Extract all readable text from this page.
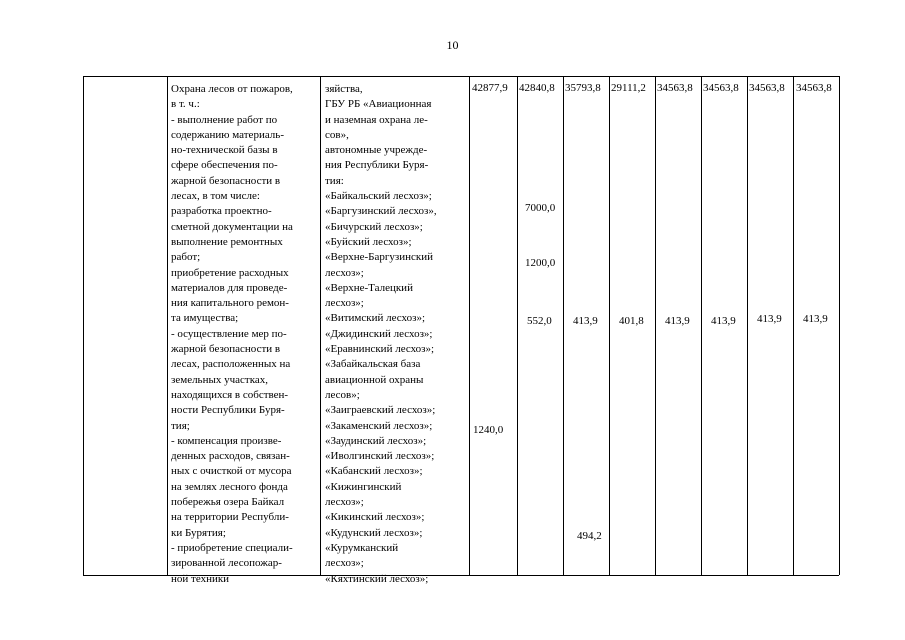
10
Охрана лесов от пожаров,
в т. ч.:
- выполнение работ по
содержанию материаль-
но-технической базы в
сфере обеспечения по-
жарной безопасности в
лесах, в том числе:
разработка проектно-
сметной документации на
выполнение ремонтных
работ;
приобретение расходных
материалов для проведе-
ния капитального ремон-
та имущества;
- осуществление мер по-
жарной безопасности в
лесах, расположенных на
земельных участках,
находящихся в собствен-
ности Республики Буря-
тия;
- компенсация произве-
денных расходов, связан-
ных с очисткой от мусора
на землях лесного фонда
побережья озера Байкал
на территории Республи-
ки Бурятия;
- приобретение специали-
зированной лесопожар-
ной техники
зяйства,
ГБУ РБ «Авиационная
и наземная охрана ле-
сов»,
автономные учрежде-
ния Республики Буря-
тия:
«Байкальский лесхоз»;
«Баргузинский лесхоз»,
«Бичурский лесхоз»;
«Буйский лесхоз»;
«Верхне-Баргузинский
лесхоз»;
«Верхне-Талецкий
лесхоз»;
«Витимский лесхоз»;
«Джидинский лесхоз»;
«Еравнинский лесхоз»;
«Забайкальская база
авиационной охраны
лесов»;
«Заиграевский лесхоз»;
«Закаменский лесхоз»;
«Заудинский лесхоз»;
«Иволгинский лесхоз»;
«Кабанский лесхоз»;
«Кижингинский
лесхоз»;
«Кикинский лесхоз»;
«Кудунский лесхоз»;
«Курумканский
лесхоз»;
«Кяхтинский лесхоз»;
42877,9 42840,8 35793,8 29111,2 34563,8 34563,8 34563,8 34563,8
7000,0
1200,0
552,0 413,9 401,8 413,9 413,9 413,9 413,9
1240,0
494,2
